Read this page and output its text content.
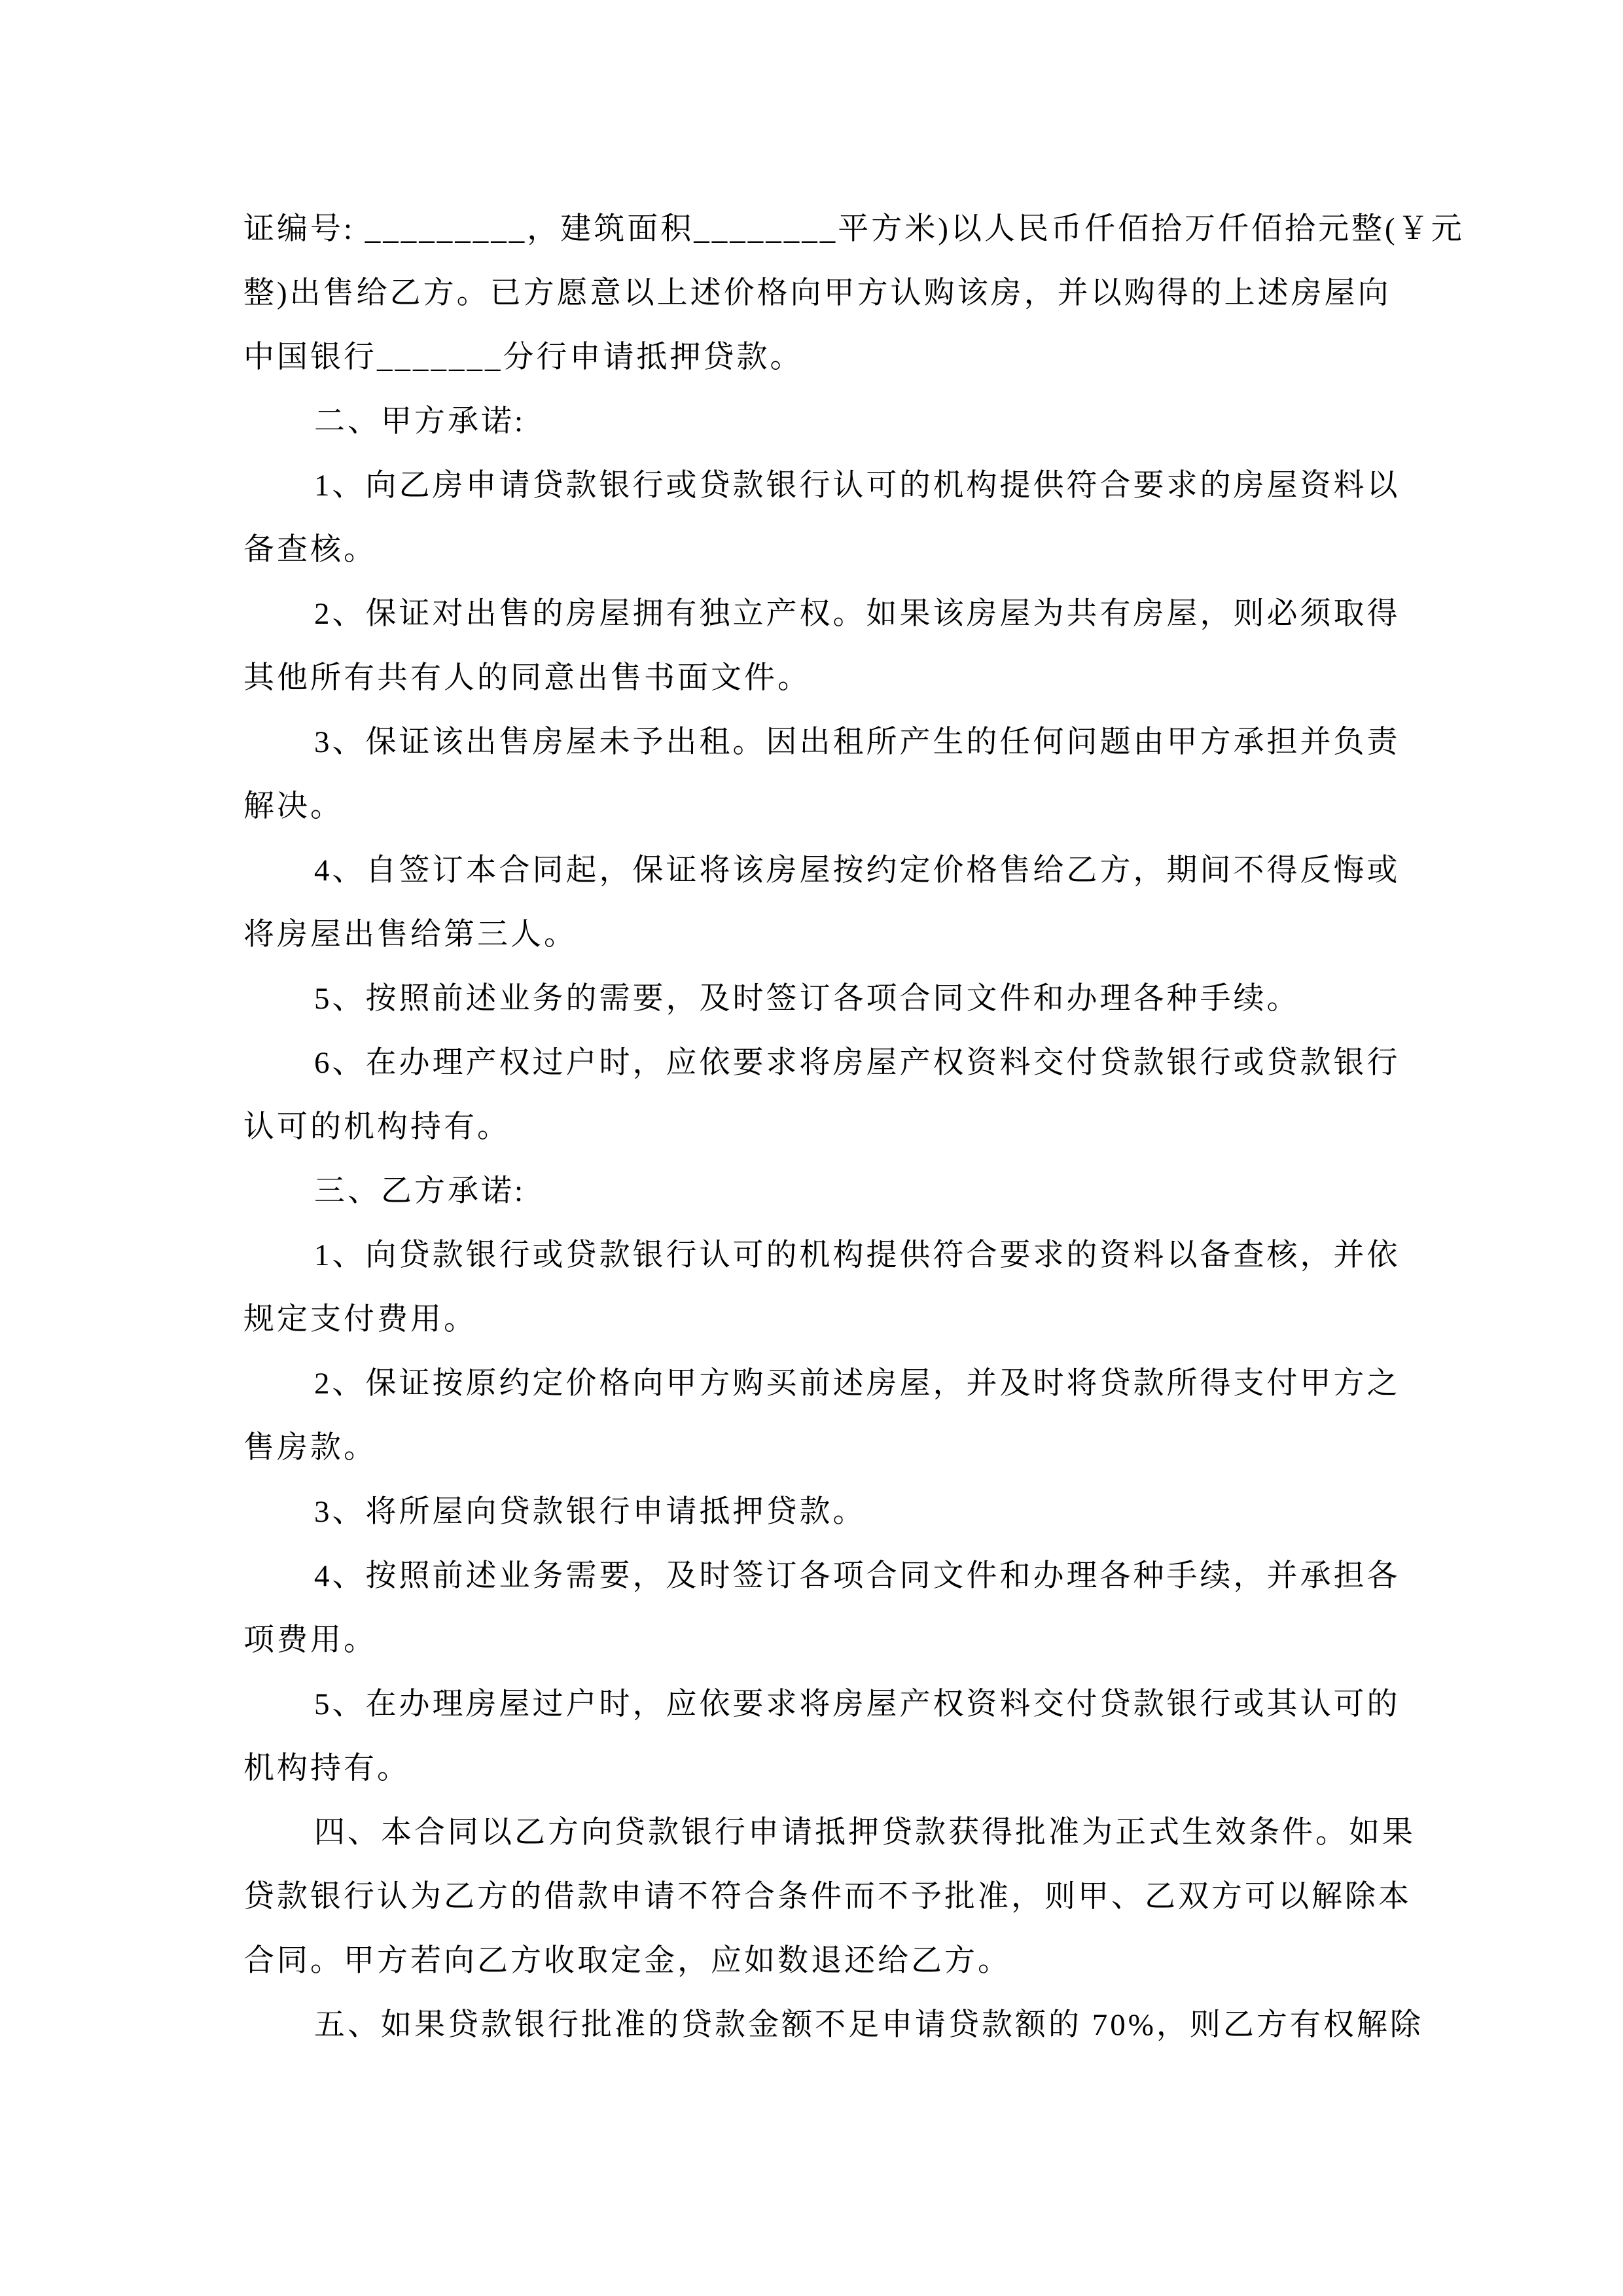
证编号: _________，建筑面积________平方米)以人民币仟佰拾万仟佰拾元整(￥元
整)出售给乙方。已方愿意以上述价格向甲方认购该房，并以购得的上述房屋向
中国银行_______分行申请抵押贷款。
二、甲方承诺:
1、向乙房申请贷款银行或贷款银行认可的机构提供符合要求的房屋资料以
备查核。
2、保证对出售的房屋拥有独立产权。如果该房屋为共有房屋，则必须取得
其他所有共有人的同意出售书面文件。
3、保证该出售房屋未予出租。因出租所产生的任何问题由甲方承担并负责
解决。
4、自签订本合同起，保证将该房屋按约定价格售给乙方，期间不得反悔或
将房屋出售给第三人。
5、按照前述业务的需要，及时签订各项合同文件和办理各种手续。
6、在办理产权过户时，应依要求将房屋产权资料交付贷款银行或贷款银行
认可的机构持有。
三、乙方承诺:
1、向贷款银行或贷款银行认可的机构提供符合要求的资料以备查核，并依
规定支付费用。
2、保证按原约定价格向甲方购买前述房屋，并及时将贷款所得支付甲方之
售房款。
3、将所屋向贷款银行申请抵押贷款。
4、按照前述业务需要，及时签订各项合同文件和办理各种手续，并承担各
项费用。
5、在办理房屋过户时，应依要求将房屋产权资料交付贷款银行或其认可的
机构持有。
四、本合同以乙方向贷款银行申请抵押贷款获得批准为正式生效条件。如果
贷款银行认为乙方的借款申请不符合条件而不予批准，则甲、乙双方可以解除本
合同。甲方若向乙方收取定金，应如数退还给乙方。
五、如果贷款银行批准的贷款金额不足申请贷款额的 70%，则乙方有权解除
